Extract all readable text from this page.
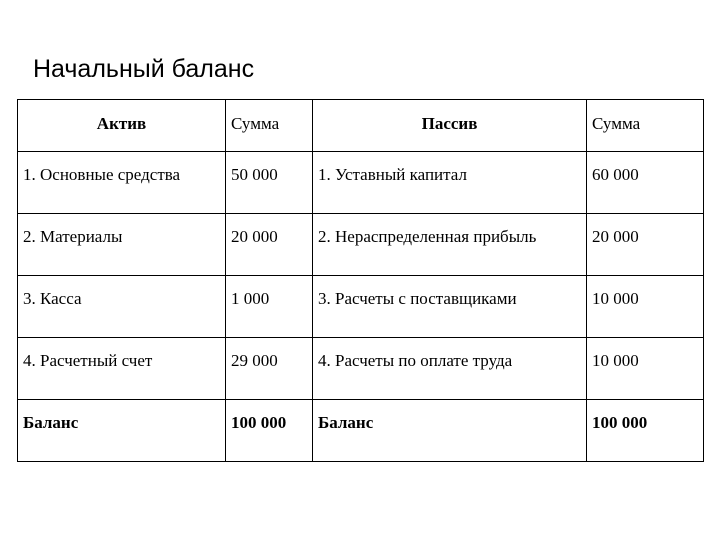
Начальный баланс
Актив	Сумма	Пассив	Сумма
1. Основные средства	50 000	1. Уставный капитал	60 000
2. Материалы	20 000	2. Нераспределенная прибыль	20 000
3. Касса	1 000	3. Расчеты с поставщиками	10 000
4. Расчетный счет	29 000	4. Расчеты по оплате труда	10 000
Баланс	100 000	Баланс	100 000
